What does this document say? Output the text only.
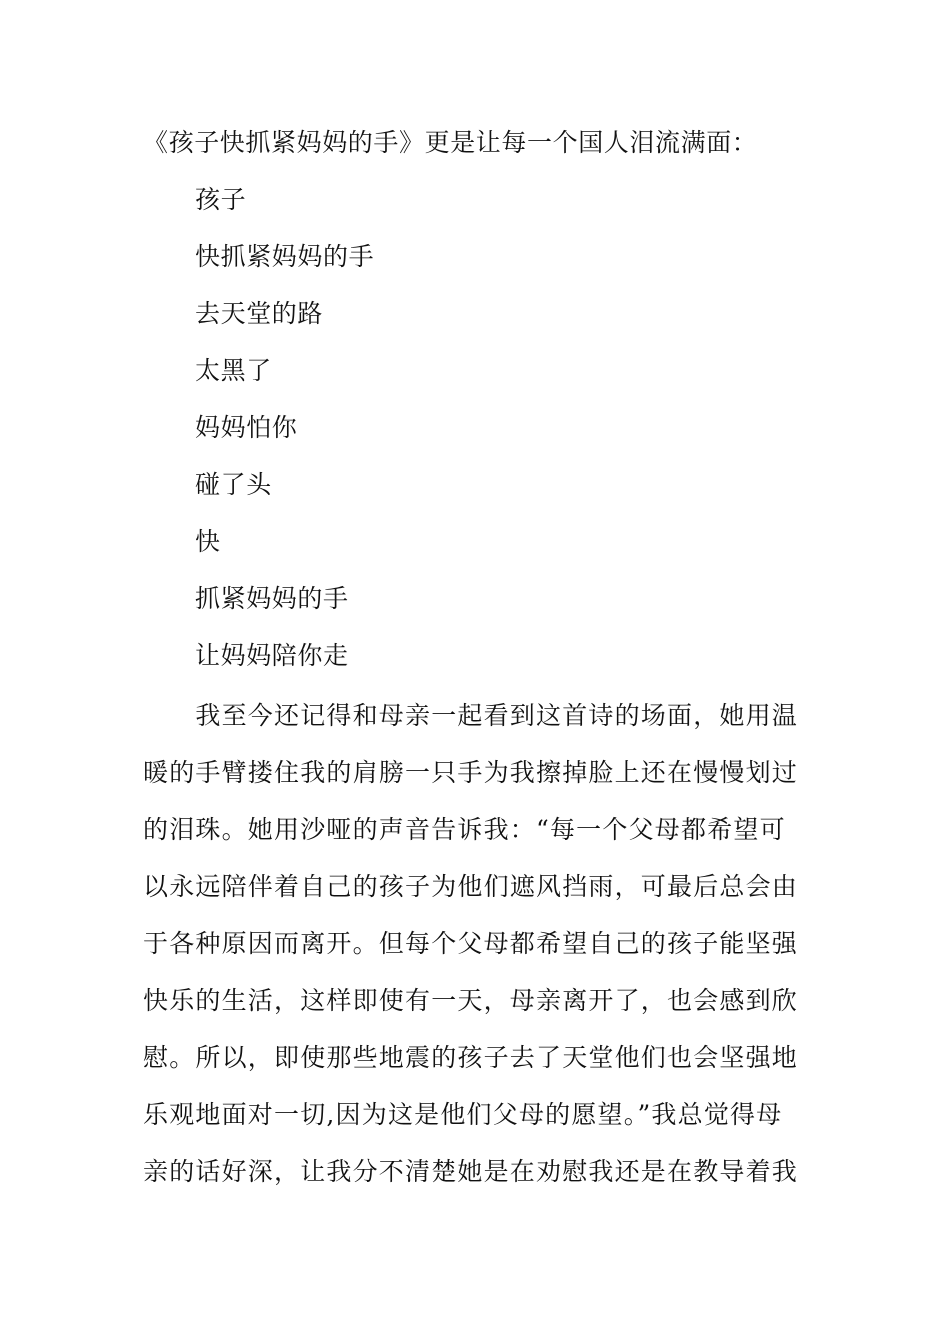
《孩子快抓紧妈妈的手》更是让每一个国人泪流满面：
孩子
快抓紧妈妈的手
去天堂的路
太黑了
妈妈怕你
碰了头
快
抓紧妈妈的手
让妈妈陪你走
　　我至今还记得和母亲一起看到这首诗的场面，她用温
暖的手臂搂住我的肩膀一只手为我擦掉脸上还在慢慢划过
的泪珠。她用沙哑的声音告诉我：“每一个父母都希望可
以永远陪伴着自己的孩子为他们遮风挡雨，可最后总会由
于各种原因而离开。但每个父母都希望自己的孩子能坚强
快乐的生活，这样即使有一天，母亲离开了，也会感到欣
慰。所以，即使那些地震的孩子去了天堂他们也会坚强地
乐观地面对一切,因为这是他们父母的愿望。”我总觉得母
亲的话好深，让我分不清楚她是在劝慰我还是在教导着我
